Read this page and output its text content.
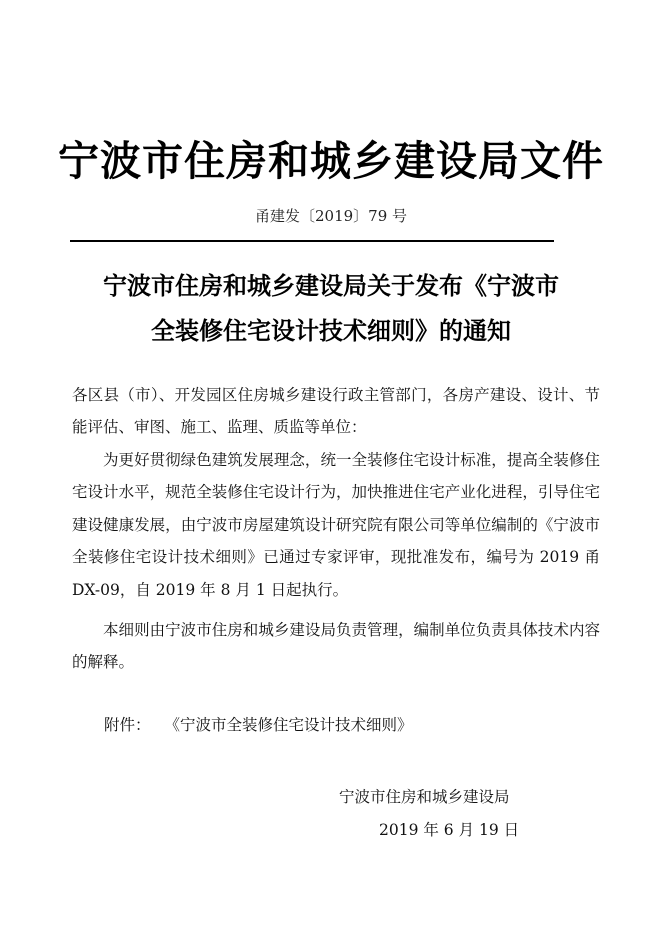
宁波市住房和城乡建设局文件
甬建发〔2019〕79 号
宁波市住房和城乡建设局关于发布《宁波市
全装修住宅设计技术细则》的通知
各区县（市）、开发园区住房城乡建设行政主管部门，各房产建设、设计、节能评估、审图、施工、监理、质监等单位：
为更好贯彻绿色建筑发展理念，统一全装修住宅设计标准，提高全装修住宅设计水平，规范全装修住宅设计行为，加快推进住宅产业化进程，引导住宅建设健康发展，由宁波市房屋建筑设计研究院有限公司等单位编制的《宁波市全装修住宅设计技术细则》已通过专家评审，现批准发布，编号为 2019 甬 DX-09，自 2019 年 8 月 1 日起执行。
本细则由宁波市住房和城乡建设局负责管理，编制单位负责具体技术内容的解释。
附件： 《宁波市全装修住宅设计技术细则》
宁波市住房和城乡建设局
2019 年 6 月 19 日
